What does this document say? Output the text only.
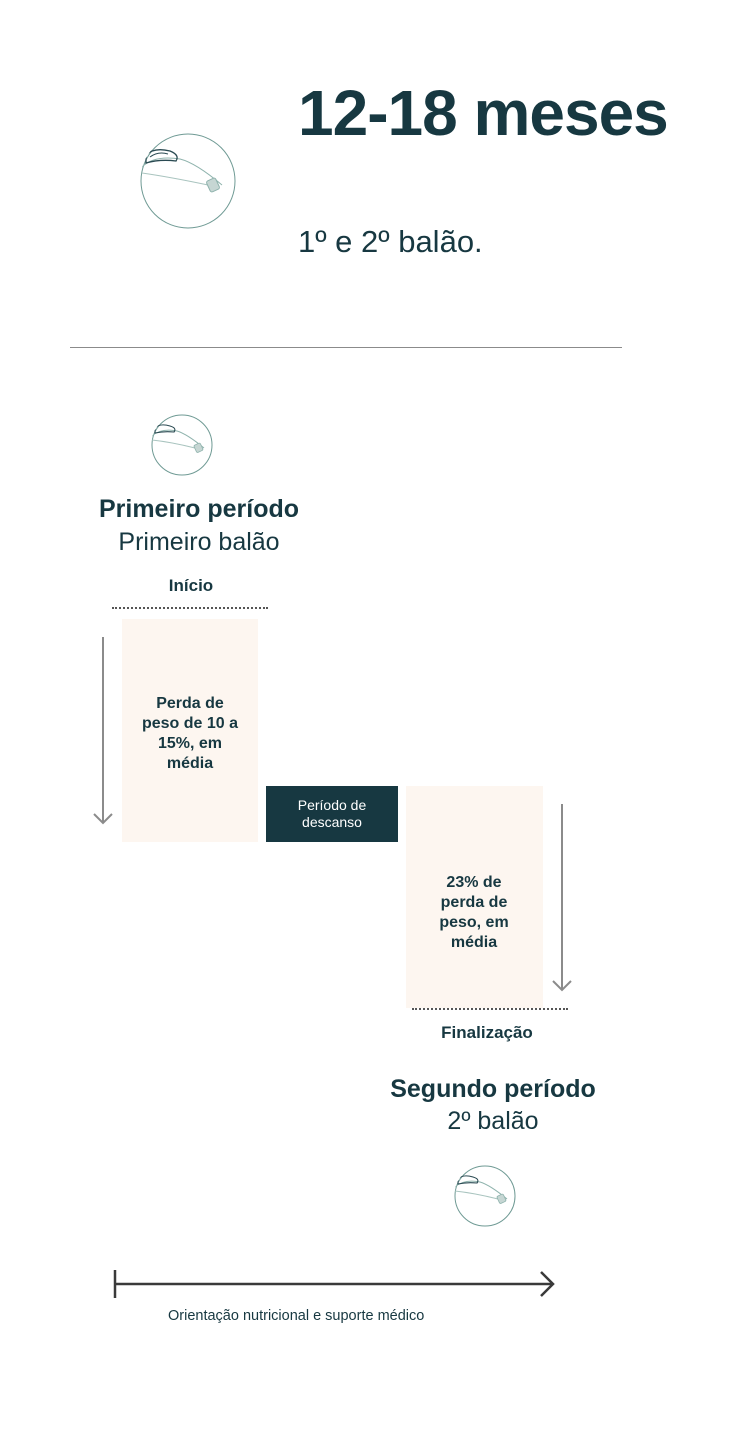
12-18 meses
1º e 2º balão.
Primeiro período
Primeiro balão
Início
Perda de peso de 10 a 15%, em média
Período de descanso
23% de perda de peso, em média
Finalização
Segundo período
2º balão
Orientação nutricional e suporte médico
